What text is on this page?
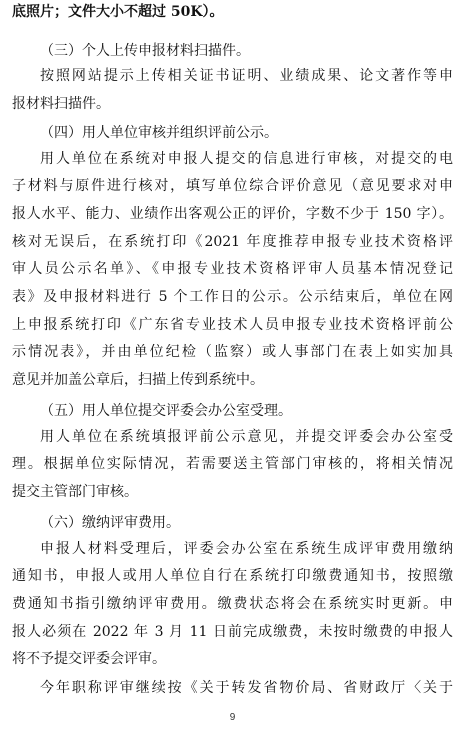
底照片；文件大小不超过 50K）。
（三）个人上传申报材料扫描件。
按照网站提示上传相关证书证明、业绩成果、论文著作等申
报材料扫描件。
（四）用人单位审核并组织评前公示。
用人单位在系统对申报人提交的信息进行审核，对提交的电
子材料与原件进行核对，填写单位综合评价意见（意见要求对申
报人水平、能力、业绩作出客观公正的评价，字数不少于 150 字）。
核对无误后，在系统打印《2021 年度推荐申报专业技术资格评
审人员公示名单》、《申报专业技术资格评审人员基本情况登记
表》及申报材料进行 5 个工作日的公示。公示结束后，单位在网
上申报系统打印《广东省专业技术人员申报专业技术资格评前公
示情况表》，并由单位纪检（监察）或人事部门在表上如实加具
意见并加盖公章后，扫描上传到系统中。
（五）用人单位提交评委会办公室受理。
用人单位在系统填报评前公示意见，并提交评委会办公室受
理。根据单位实际情况，若需要送主管部门审核的，将相关情况
提交主管部门审核。
（六）缴纳评审费用。
申报人材料受理后，评委会办公室在系统生成评审费用缴纳
通知书，申报人或用人单位自行在系统打印缴费通知书，按照缴
费通知书指引缴纳评审费用。缴费状态将会在系统实时更新。申
报人必须在 2022 年 3 月 11 日前完成缴费，未按时缴费的申报人
将不予提交评委会评审。
今年职称评审继续按《关于转发省物价局、省财政厅〈关于
9
